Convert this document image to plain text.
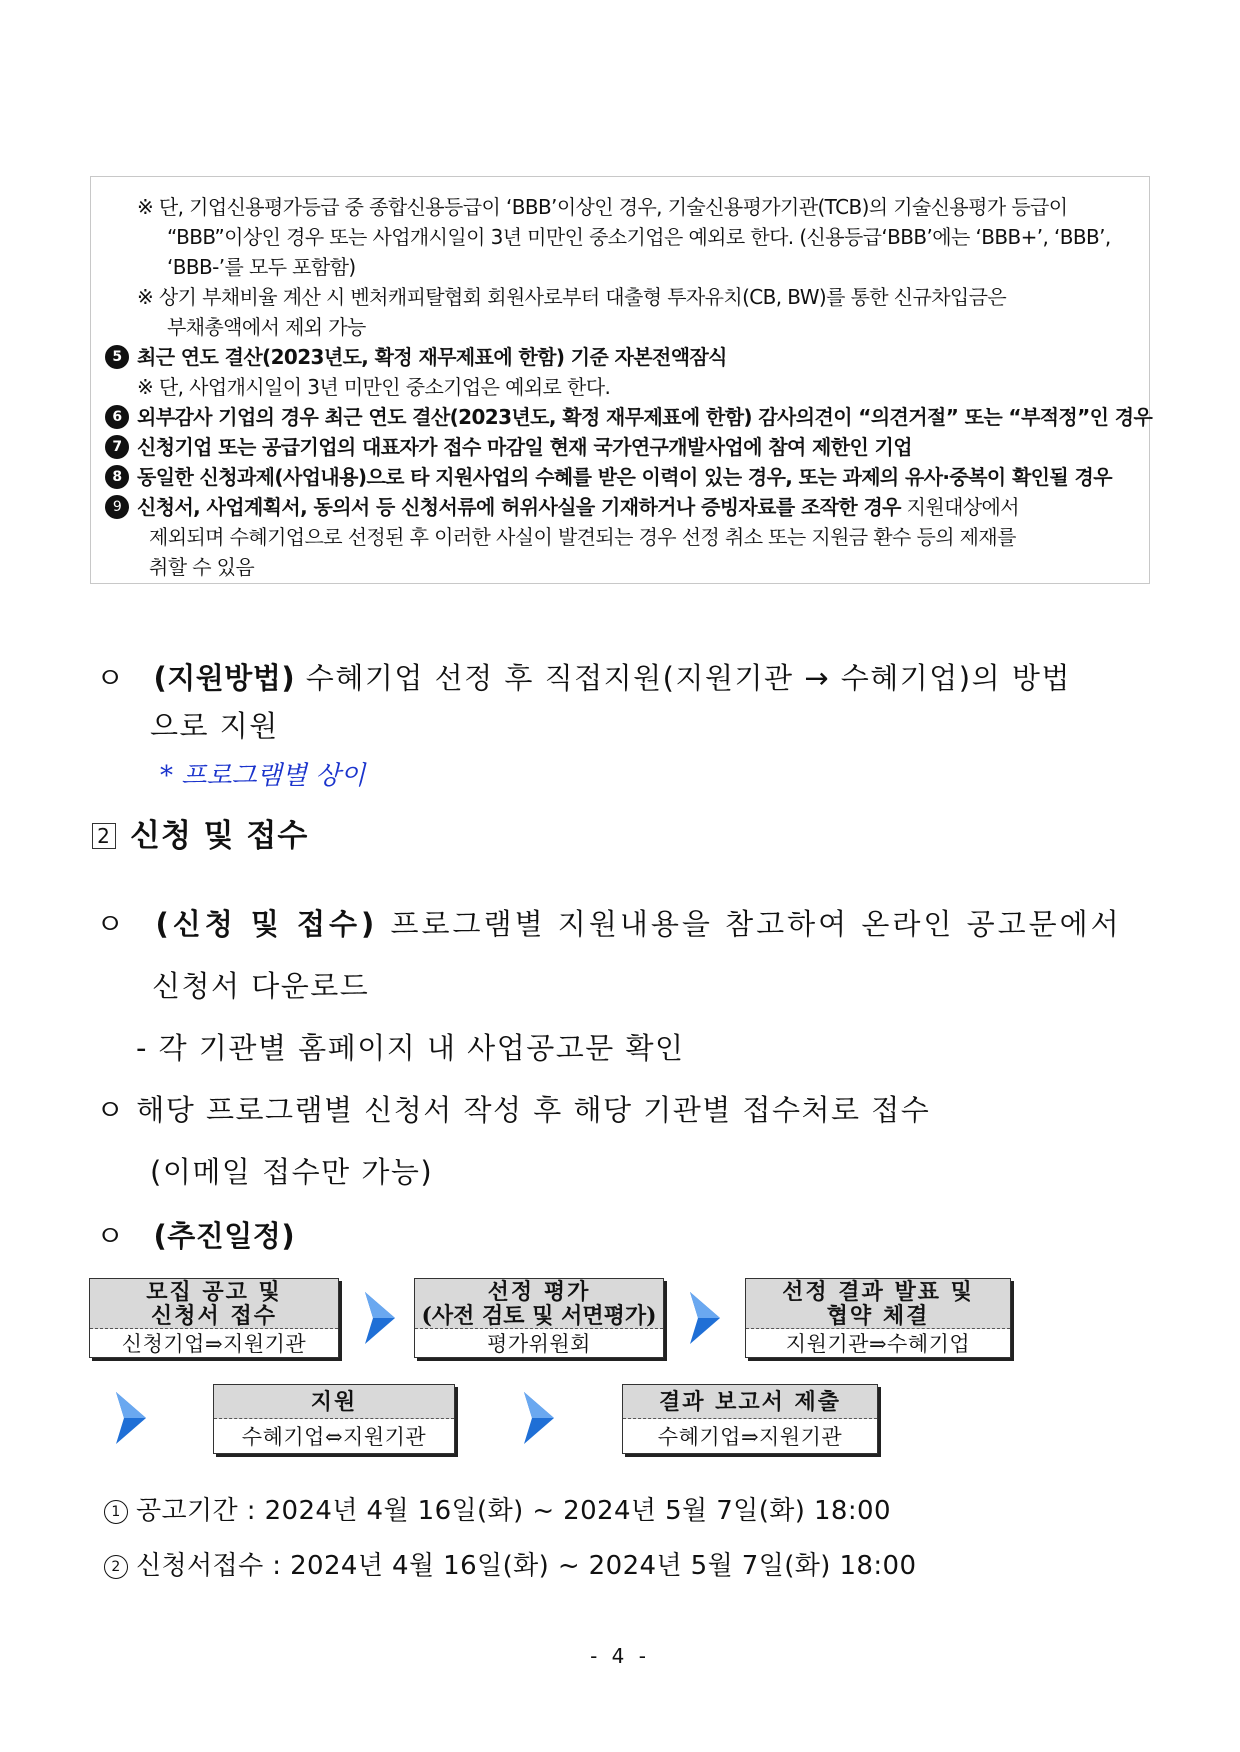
※ 단, 기업신용평가등급 중 종합신용등급이 ‘BBB’이상인 경우, 기술신용평가기관(TCB)의 기술신용평가 등급이
“BBB”이상인 경우 또는 사업개시일이 3년 미만인 중소기업은 예외로 한다. (신용등급‘BBB’에는 ‘BBB+’, ‘BBB’,
‘BBB-’를 모두 포함함)
※ 상기 부채비율 계산 시 벤처캐피탈협회 회원사로부터 대출형 투자유치(CB, BW)를 통한 신규차입금은
부채총액에서 제외 가능
5 최근 연도 결산(2023년도, 확정 재무제표에 한함) 기준 자본전액잠식
※ 단, 사업개시일이 3년 미만인 중소기업은 예외로 한다.
6 외부감사 기업의 경우 최근 연도 결산(2023년도, 확정 재무제표에 한함) 감사의견이 “의견거절” 또는 “부적정”인 경우
7 신청기업 또는 공급기업의 대표자가 접수 마감일 현재 국가연구개발사업에 참여 제한인 기업
8 동일한 신청과제(사업내용)으로 타 지원사업의 수혜를 받은 이력이 있는 경우, 또는 과제의 유사·중복이 확인될 경우
9 신청서, 사업계획서, 동의서 등 신청서류에 허위사실을 기재하거나 증빙자료를 조작한 경우 지원대상에서
제외되며 수혜기업으로 선정된 후 이러한 사실이 발견되는 경우 선정 취소 또는 지원금 환수 등의 제재를
취할 수 있음
ㅇ (지원방법) 수혜기업 선정 후 직접지원(지원기관 → 수혜기업)의 방법
으로 지원
* 프로그램별 상이
2 신청 및 접수
ㅇ (신청 및 접수) 프로그램별 지원내용을 참고하여 온라인 공고문에서
신청서 다운로드
- 각 기관별 홈페이지 내 사업공고문 확인
ㅇ 해당 프로그램별 신청서 작성 후 해당 기관별 접수처로 접수
(이메일 접수만 가능)
ㅇ (추진일정)
모집 공고 및
신청서 접수
신청기업⇒지원기관
선정 평가
(사전 검토 및 서면평가)
평가위원회
선정 결과 발표 및
협약 체결
지원기관⇒수혜기업
지원
수혜기업⇔지원기관
결과 보고서 제출
수혜기업⇒지원기관
1 공고기간 : 2024년 4월 16일(화) ~ 2024년 5월 7일(화) 18:00
2 신청서접수 : 2024년 4월 16일(화) ~ 2024년 5월 7일(화) 18:00
- 4 -
